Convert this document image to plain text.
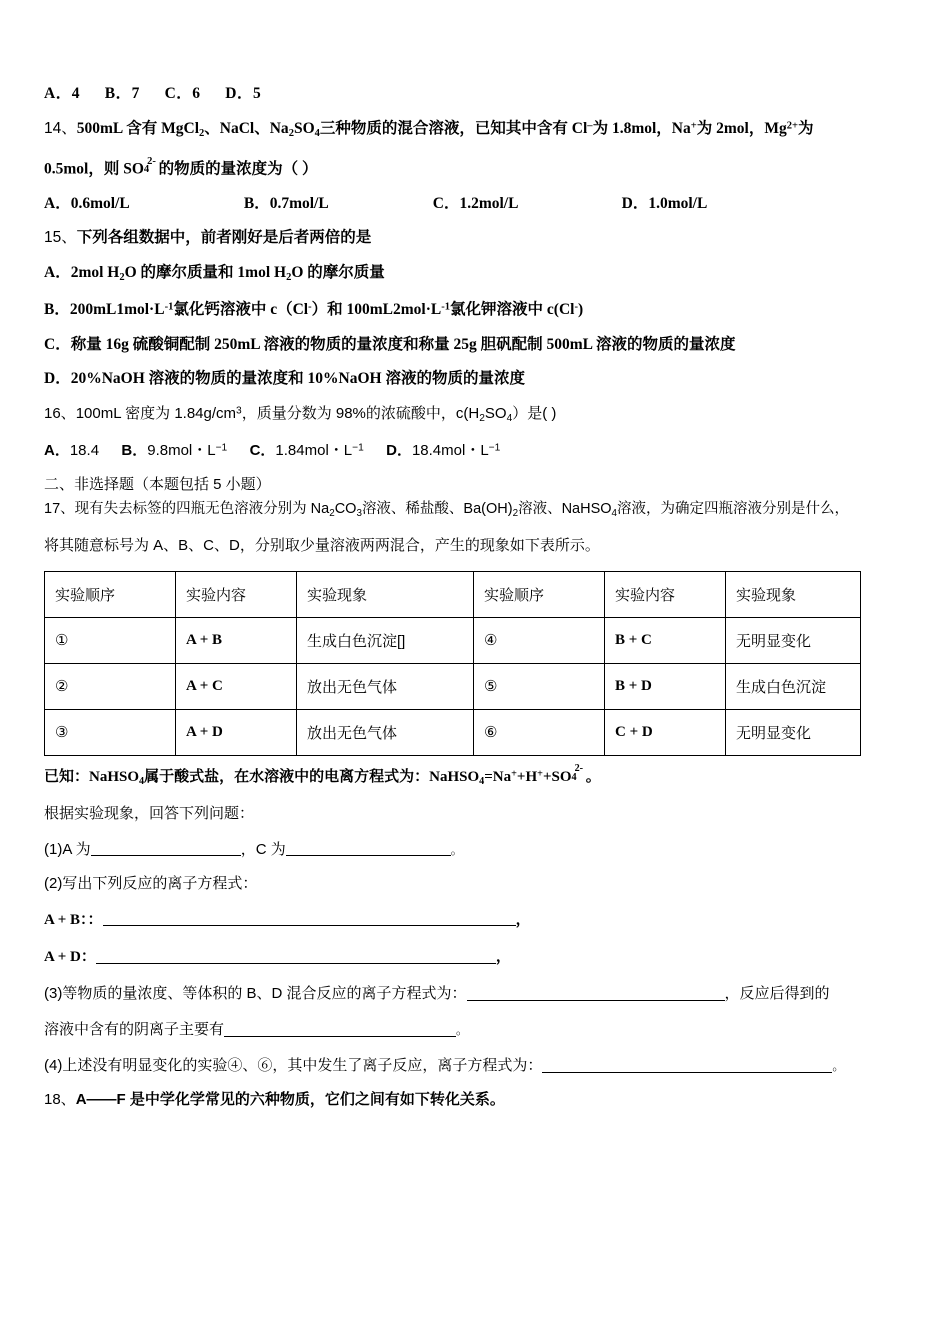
A．4 B．7 C．6 D．5
14、500mL 含有 MgCl$_2$、NaCl、$Na_2SO_4$三种物质的混合溶液，已知其中含有 Cl–为 1.8mol，Na+为 2mol，$Mg^{2+}$为
0.5mol，则 SO 4
2- 的物质的量浓度为（ ）
A．0.6mol/L	B．0.7mol/L	C．1.2mol/L	D．1.0mol/L
15、下列各组数据中，前者刚好是后者两倍的是
A．2mol $H_2O$ 的摩尔质量和 1mol $H_2O$ 的摩尔质量
B．$200mL1mol\cdot L^{-1}$氯化钙溶液中 c（Cl-）和 $100mL2mol\cdot L^{-1}$氯化钾溶液中 c(Cl-)
C．称量 16g 硫酸铜配制 250mL 溶液的物质的量浓度和称量 25g 胆矾配制 500mL 溶液的物质的量浓度
D．20%NaOH 溶液的物质的量浓度和 10%NaOH 溶液的物质的量浓度
16、100mL 密度为 $1.84g/cm^3$，质量分数为 98%的浓硫酸中，$c(H_2SO_4)$是( )
A．18.4 B．9.8mol・$L^{-1}$ C．1.84mol・$L^{-1}$ D．18.4mol・$L^{-1}$
二、非选择题（本题包括 5 小题）
17、现有失去标签的四瓶无色溶液分别为 $Na_2CO_3$溶液、稀盐酸、$Ba(OH)_2$溶液、NaHSO$_4$溶液，为确定四瓶溶液分别是什么，
将其随意标号为 A、B、C、D，分别取少量溶液两两混合，产生的现象如下表所示。
实验顺序	实验内容	实验现象	实验顺序	实验内容	实验现象
①	A + B	生成白色沉淀[]	④	B + C	无明显变化
②	A + C	放出无色气体	⑤	B + D	生成白色沉淀
③	A + D	放出无色气体	⑥	C + D	无明显变化
已知：NaHSO$_4$属于酸式盐，在水溶液中的电离方程式为：NaHSO$_4$=Na++H++SO 4
2- 。
根据实验现象，回答下列问题：
(1)A 为	，C 为	。
(2)写出下列反应的离子方程式：
A + B：：	，
A + D：	，
(3)等物质的量浓度、等体积的 B、D 混合反应的离子方程式为：	，反应后得到的
溶液中含有的阴离子主要有	。
(4)上述没有明显变化的实验④、⑥，其中发生了离子反应，离子方程式为：	。
18、A——F 是中学化学常见的六种物质，它们之间有如下转化关系。
